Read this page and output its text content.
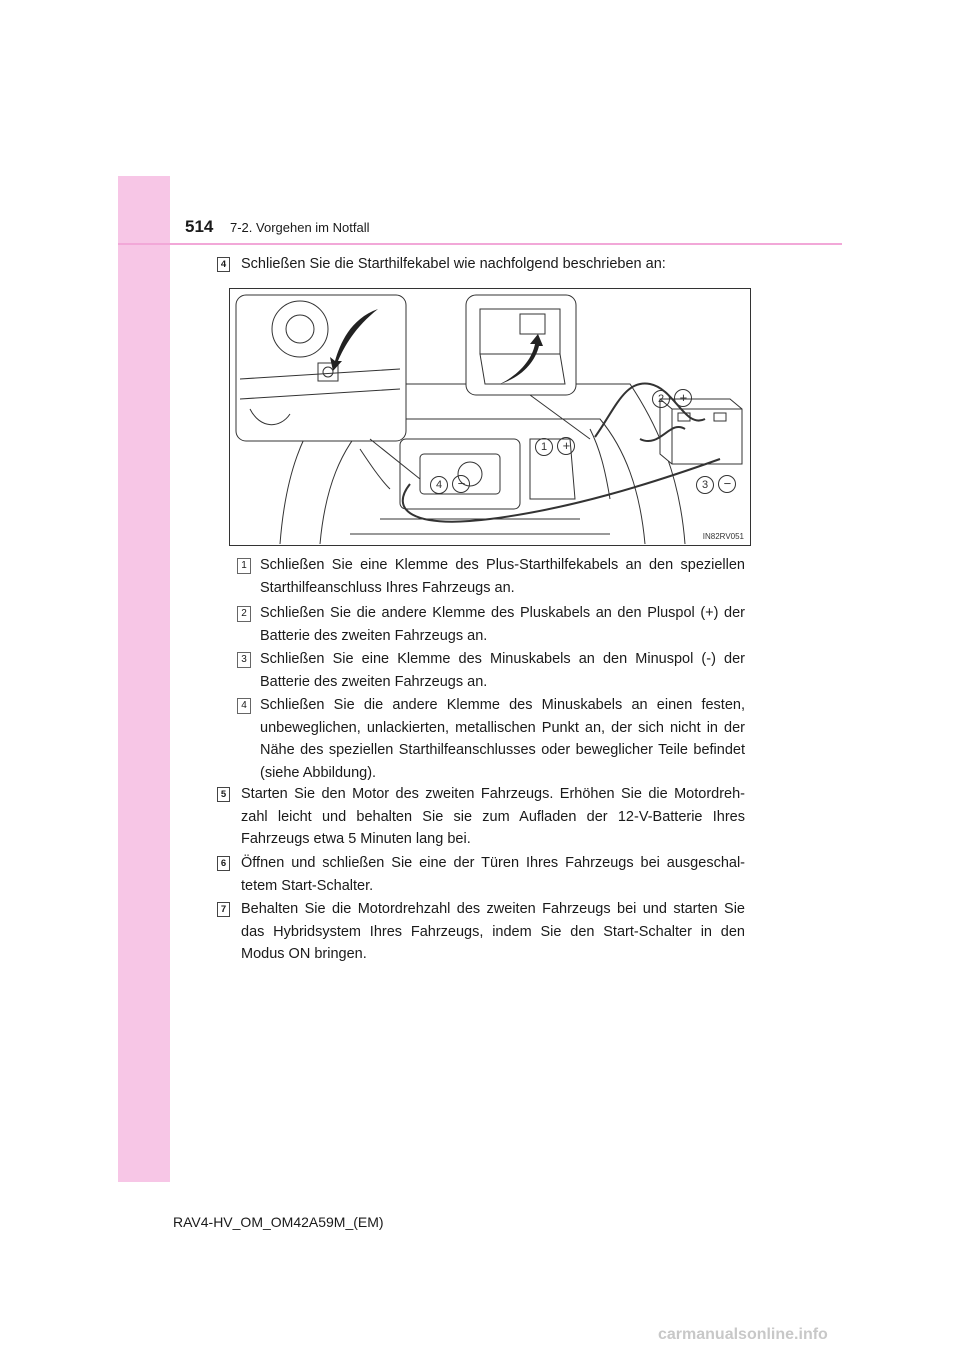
514 7-2. Vorgehen im Notfall
4 Schließen Sie die Starthilfekabel wie nachfolgend beschrieben an:
1 +
2 +
3 −
4 −
IN82RV051
1 Schließen Sie eine Klemme des Plus-Starthilfekabels an den speziellen Starthilfeanschluss Ihres Fahrzeugs an.
2 Schließen Sie die andere Klemme des Pluskabels an den Pluspol (+) der Batterie des zweiten Fahrzeugs an.
3 Schließen Sie eine Klemme des Minuskabels an den Minuspol (-) der Batterie des zweiten Fahrzeugs an.
4 Schließen Sie die andere Klemme des Minuskabels an einen festen, unbeweglichen, unlackierten, metallischen Punkt an, der sich nicht in der Nähe des speziellen Starthilfeanschlusses oder beweglicher Teile befindet (siehe Abbildung).
5 Starten Sie den Motor des zweiten Fahrzeugs. Erhöhen Sie die Motordreh-zahl leicht und behalten Sie sie zum Aufladen der 12-V-Batterie Ihres Fahrzeugs etwa 5 Minuten lang bei.
6 Öffnen und schließen Sie eine der Türen Ihres Fahrzeugs bei ausgeschal-tetem Start-Schalter.
7 Behalten Sie die Motordrehzahl des zweiten Fahrzeugs bei und starten Sie das Hybridsystem Ihres Fahrzeugs, indem Sie den Start-Schalter in den Modus ON bringen.
RAV4-HV_OM_OM42A59M_(EM)
carmanualsonline.info
